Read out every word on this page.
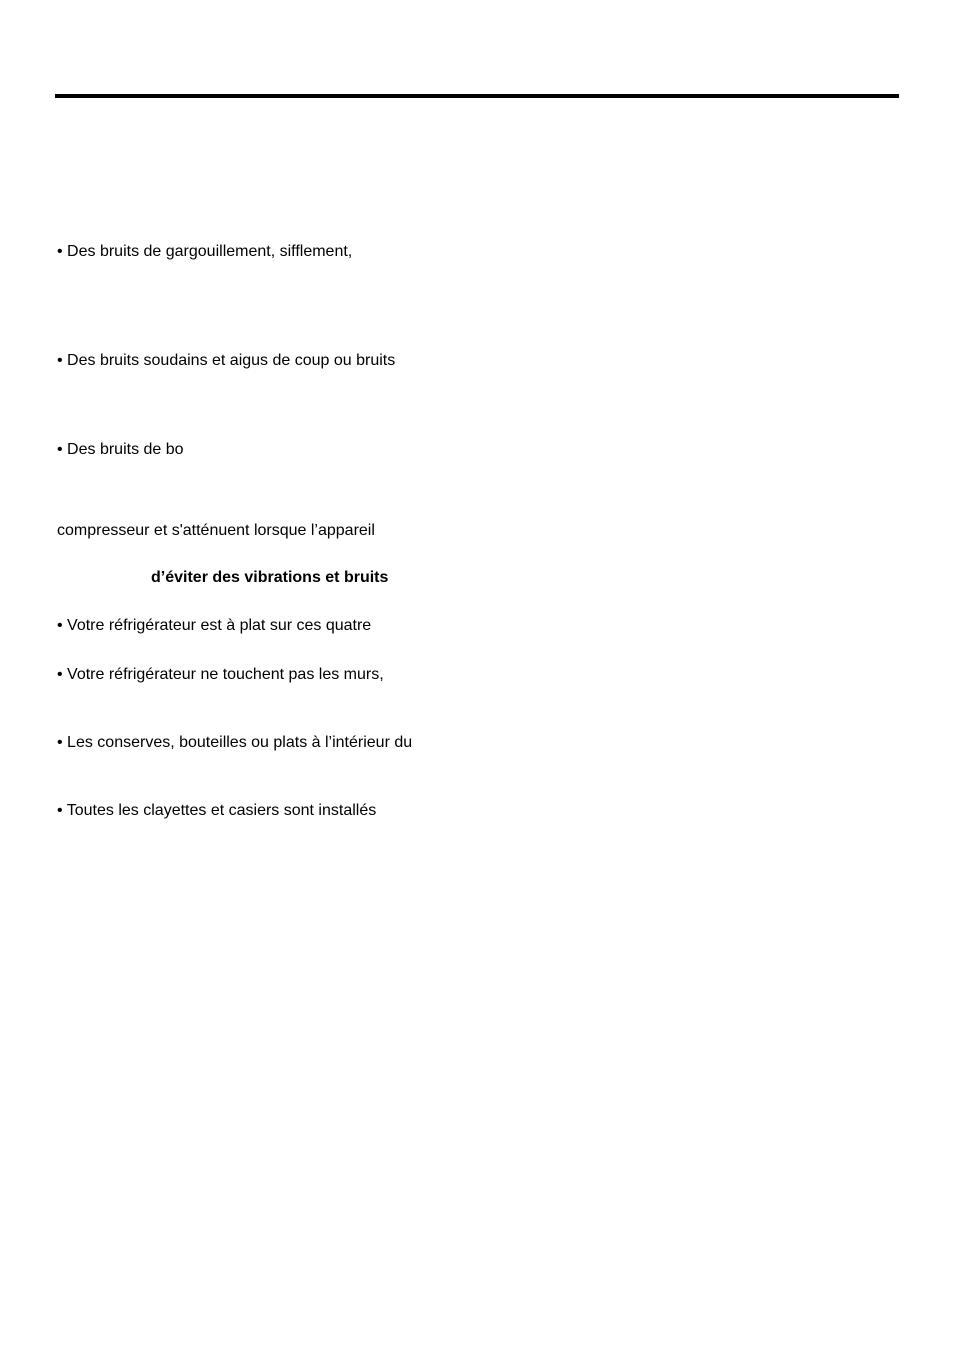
• Des bruits de gargouillement, sifflement,
• Des bruits soudains et aigus de coup ou bruits
• Des bruits de bo
compresseur et s'atténuent lorsque l’appareil
d’éviter des vibrations et bruits
• Votre réfrigérateur est à plat sur ces quatre
• Votre réfrigérateur ne touchent pas les murs,
• Les conserves, bouteilles ou plats à l’intérieur du
• Toutes les clayettes et casiers sont installés
